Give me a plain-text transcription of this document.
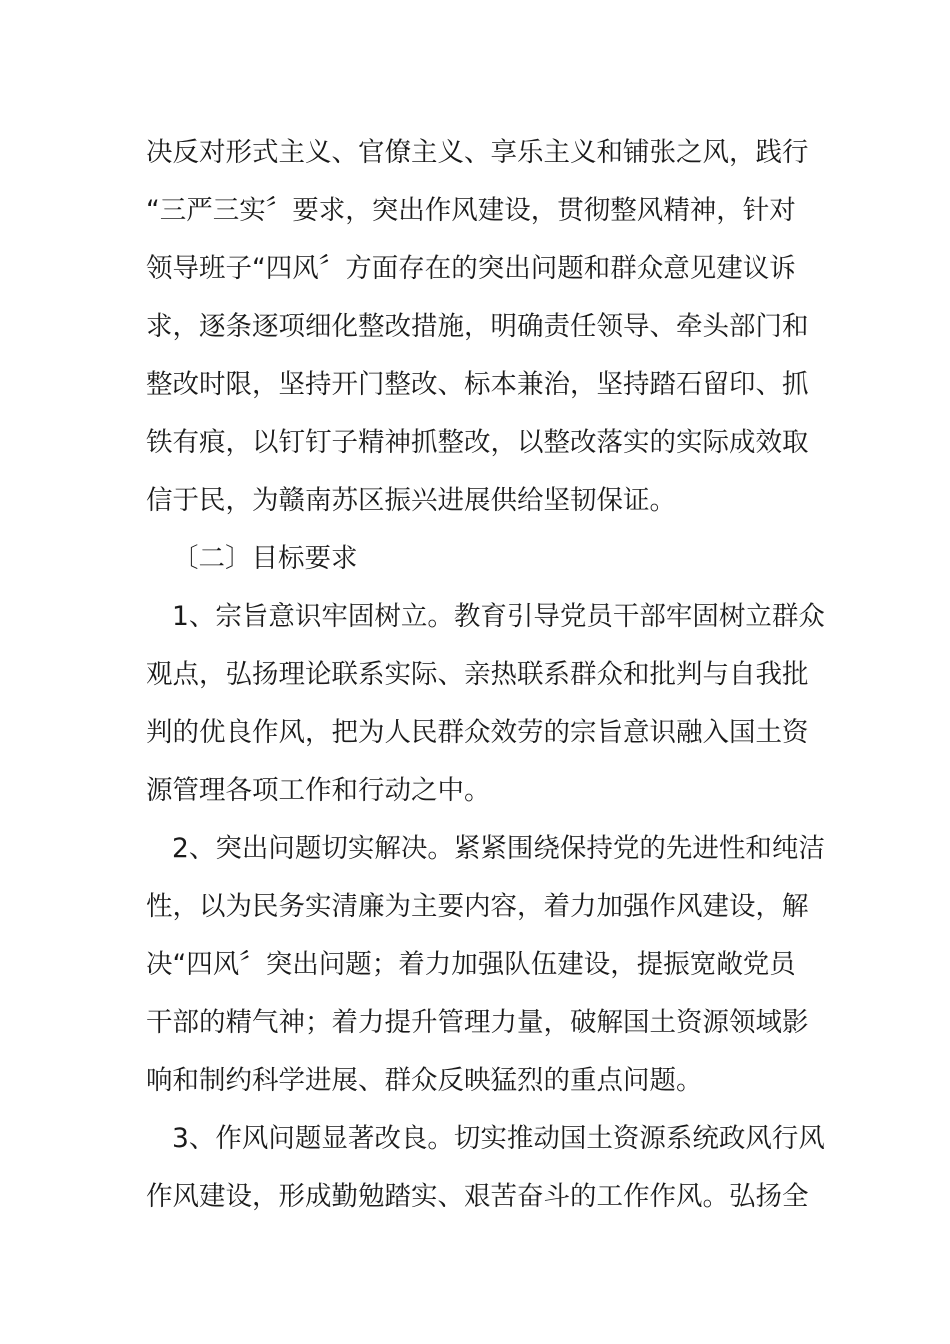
决反对形式主义、官僚主义、享乐主义和铺张之风，践行
“三严三实〞要求，突出作风建设，贯彻整风精神，针对
领导班子“四风〞方面存在的突出问题和群众意见建议诉
求，逐条逐项细化整改措施，明确责任领导、牵头部门和
整改时限，坚持开门整改、标本兼治，坚持踏石留印、抓
铁有痕，以钉钉子精神抓整改，以整改落实的实际成效取
信于民，为赣南苏区振兴进展供给坚韧保证。
〔二〕目标要求
1、宗旨意识牢固树立。教育引导党员干部牢固树立群众
观点，弘扬理论联系实际、亲热联系群众和批判与自我批
判的优良作风，把为人民群众效劳的宗旨意识融入国土资
源管理各项工作和行动之中。
2、突出问题切实解决。紧紧围绕保持党的先进性和纯洁
性，以为民务实清廉为主要内容，着力加强作风建设，解
决“四风〞突出问题；着力加强队伍建设，提振宽敞党员
干部的精气神；着力提升管理力量，破解国土资源领域影
响和制约科学进展、群众反映猛烈的重点问题。
3、作风问题显著改良。切实推动国土资源系统政风行风
作风建设，形成勤勉踏实、艰苦奋斗的工作作风。弘扬全
